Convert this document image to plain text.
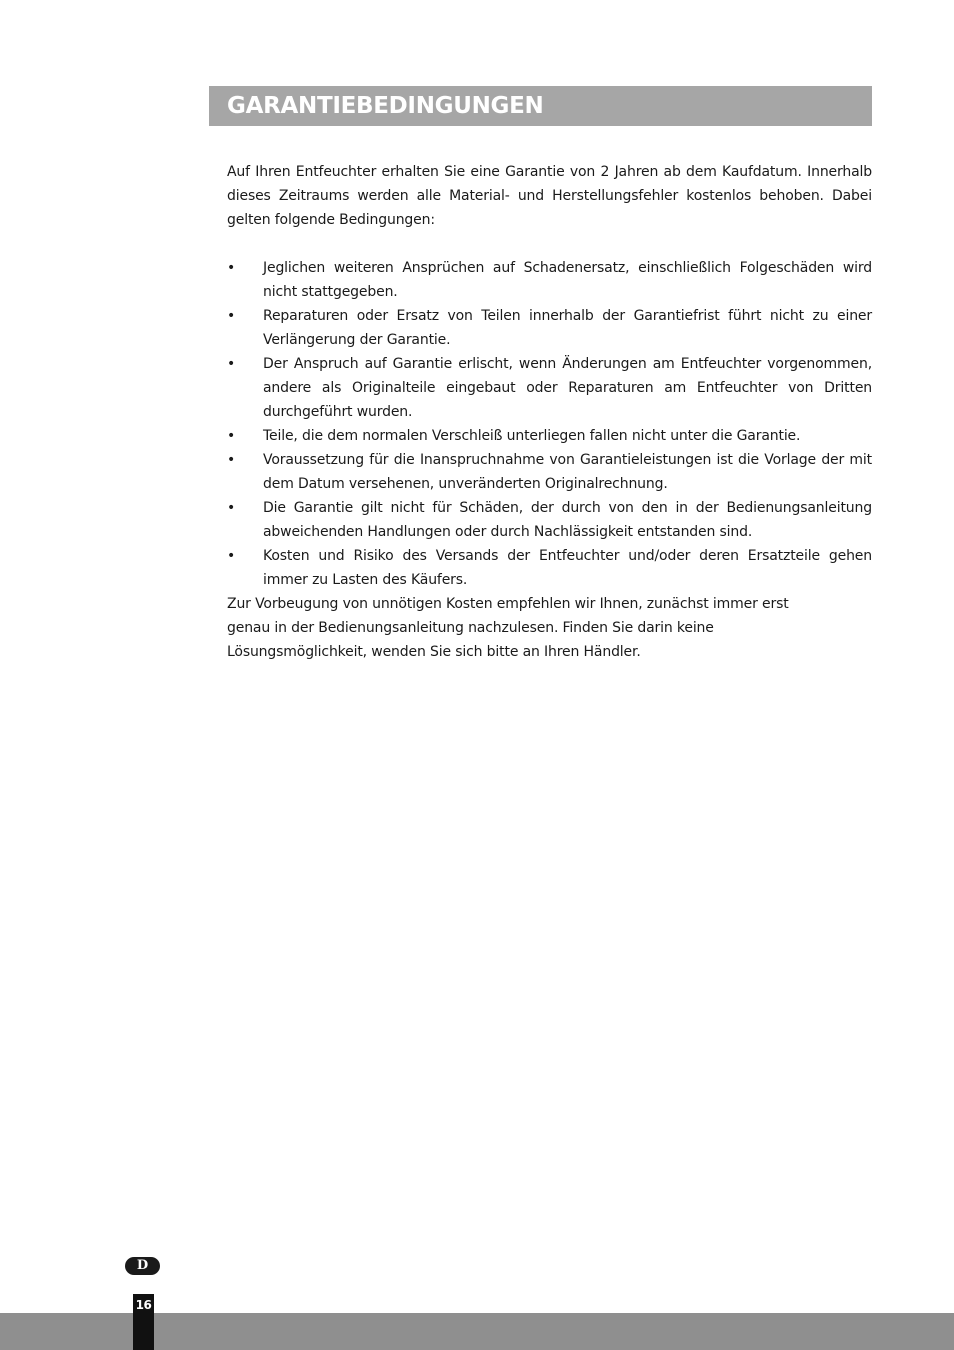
GARANTIEBEDINGUNGEN

Auf Ihren Entfeuchter erhalten Sie eine Garantie von 2 Jahren ab dem Kaufdatum. Innerhalb dieses Zeitraums werden alle Material- und Herstellungsfehler kostenlos behoben. Dabei gelten folgende Bedingungen:

• Jeglichen weiteren Ansprüchen auf Schadenersatz, einschließlich Folgeschäden wird nicht stattgegeben.
• Reparaturen oder Ersatz von Teilen innerhalb der Garantiefrist führt nicht zu einer Verlängerung der Garantie.
• Der Anspruch auf Garantie erlischt, wenn Änderungen am Entfeuchter vorgenommen, andere als Originalteile eingebaut oder Reparaturen am Entfeuchter von Dritten durchgeführt wurden.
• Teile, die dem normalen Verschleiß unterliegen fallen nicht unter die Garantie.
• Voraussetzung für die Inanspruchnahme von Garantieleistungen ist die Vorlage der mit dem Datum versehenen, unveränderten Originalrechnung.
• Die Garantie gilt nicht für Schäden, der durch von den in der Bedienungsanleitung abweichenden Handlungen oder durch Nachlässigkeit entstanden sind.
• Kosten und Risiko des Versands der Entfeuchter und/oder deren Ersatzteile gehen immer zu Lasten des Käufers.

Zur Vorbeugung von unnötigen Kosten empfehlen wir Ihnen, zunächst immer erst
genau in der Bedienungsanleitung nachzulesen. Finden Sie darin keine
Lösungsmöglichkeit, wenden Sie sich bitte an Ihren Händler.

D
16
